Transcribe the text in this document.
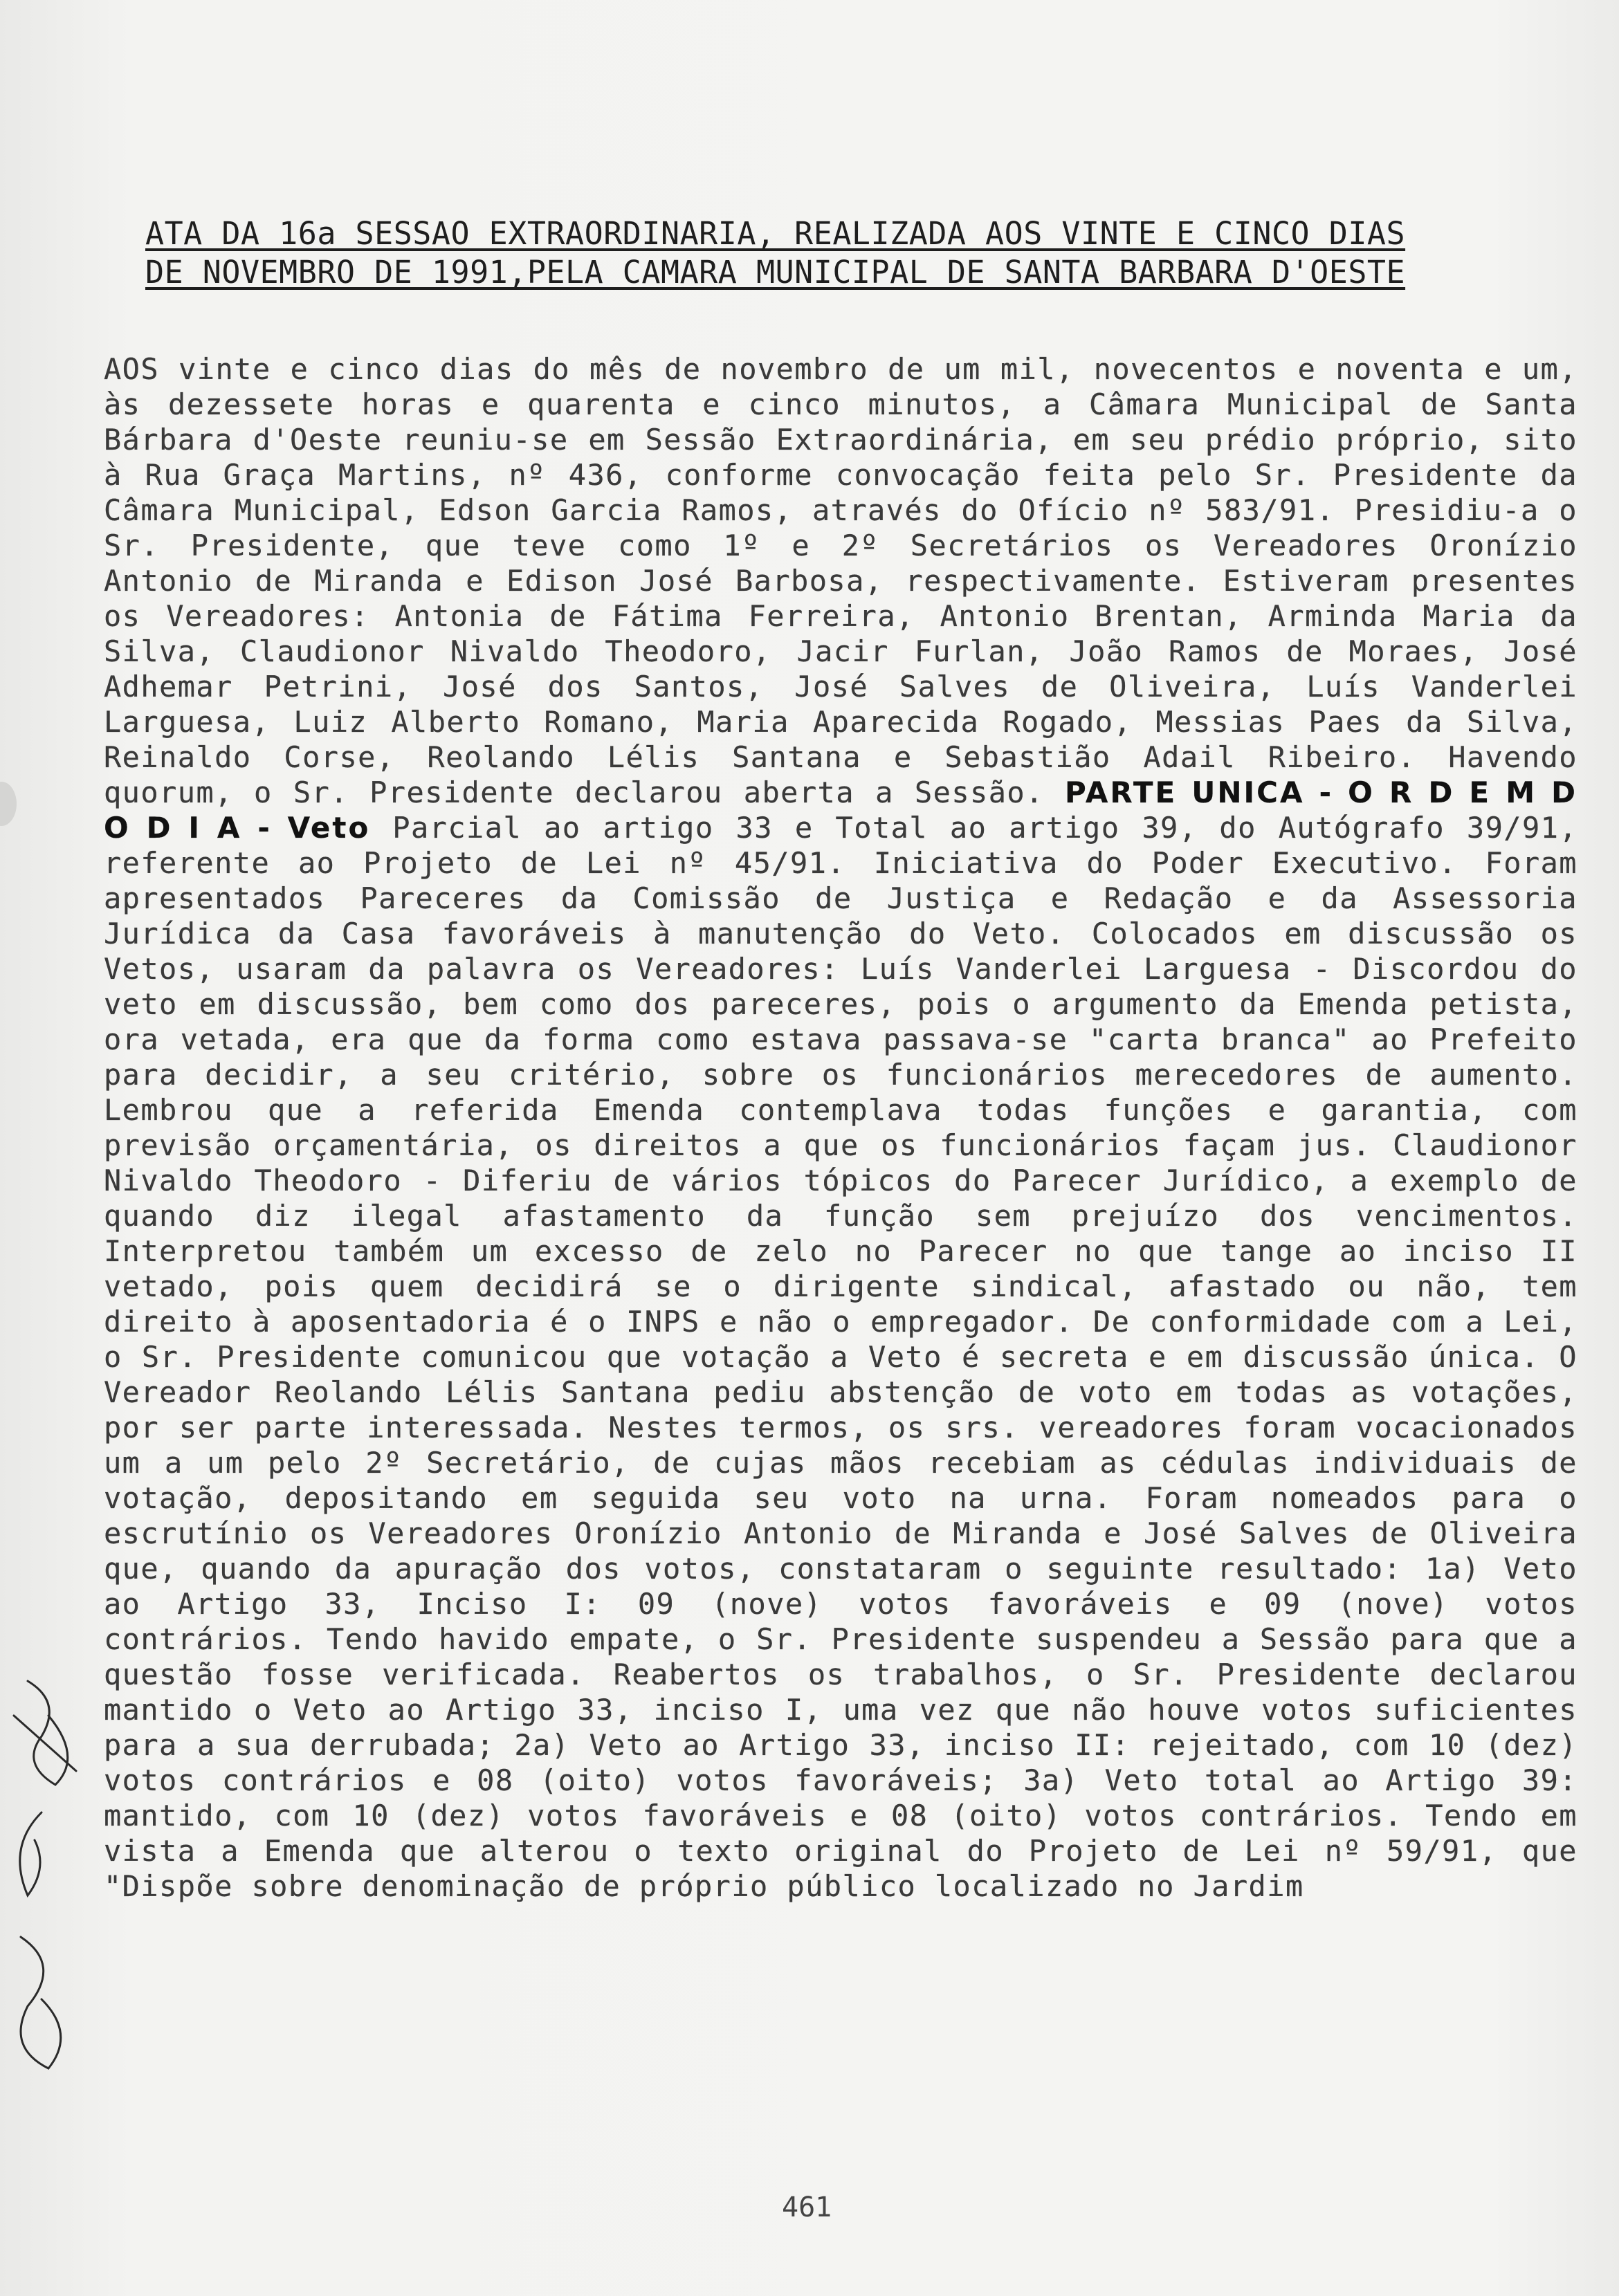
ATA DA 16a SESSAO EXTRAORDINARIA, REALIZADA AOS VINTE E CINCO DIAS
DE NOVEMBRO DE 1991,PELA CAMARA MUNICIPAL DE SANTA BARBARA D'OESTE
AOS vinte e cinco dias do mês de novembro de um mil, novecentos e noventa e um, às dezessete horas e quarenta e cinco minutos, a Câmara Municipal de Santa Bárbara d'Oeste reuniu-se em Sessão Extraordinária, em seu prédio próprio, sito à Rua Graça Martins, nº 436, conforme convocação feita pelo Sr. Presidente da Câmara Municipal, Edson Garcia Ramos, através do Ofício nº 583/91. Presidiu-a o Sr. Presidente, que teve como 1º e 2º Secretários os Vereadores Oronízio Antonio de Miranda e Edison José Barbosa, respectivamente. Estiveram presentes os Vereadores: Antonia de Fátima Ferreira, Antonio Brentan, Arminda Maria da Silva, Claudionor Nivaldo Theodoro, Jacir Furlan, João Ramos de Moraes, José Adhemar Petrini, José dos Santos, José Salves de Oliveira, Luís Vanderlei Larguesa, Luiz Alberto Romano, Maria Aparecida Rogado, Messias Paes da Silva, Reinaldo Corse, Reolando Lélis Santana e Sebastião Adail Ribeiro. Havendo quorum, o Sr. Presidente declarou aberta a Sessão. PARTE UNICA - O R D E M D O D I A - Veto Parcial ao artigo 33 e Total ao artigo 39, do Autógrafo 39/91, referente ao Projeto de Lei nº 45/91. Iniciativa do Poder Executivo. Foram apresentados Pareceres da Comissão de Justiça e Redação e da Assessoria Jurídica da Casa favoráveis à manutenção do Veto. Colocados em discussão os Vetos, usaram da palavra os Vereadores: Luís Vanderlei Larguesa - Discordou do veto em discussão, bem como dos pareceres, pois o argumento da Emenda petista, ora vetada, era que da forma como estava passava-se "carta branca" ao Prefeito para decidir, a seu critério, sobre os funcionários merecedores de aumento. Lembrou que a referida Emenda contemplava todas funções e garantia, com previsão orçamentária, os direitos a que os funcionários façam jus. Claudionor Nivaldo Theodoro - Diferiu de vários tópicos do Parecer Jurídico, a exemplo de quando diz ilegal afastamento da função sem prejuízo dos vencimentos. Interpretou também um excesso de zelo no Parecer no que tange ao inciso II vetado, pois quem decidirá se o dirigente sindical, afastado ou não, tem direito à aposentadoria é o INPS e não o empregador. De conformidade com a Lei, o Sr. Presidente comunicou que votação a Veto é secreta e em discussão única. O Vereador Reolando Lélis Santana pediu abstenção de voto em todas as votações, por ser parte interessada. Nestes termos, os srs. vereadores foram vocacionados um a um pelo 2º Secretário, de cujas mãos recebiam as cédulas individuais de votação, depositando em seguida seu voto na urna. Foram nomeados para o escrutínio os Vereadores Oronízio Antonio de Miranda e José Salves de Oliveira que, quando da apuração dos votos, constataram o seguinte resultado: 1a) Veto ao Artigo 33, Inciso I: 09 (nove) votos favoráveis e 09 (nove) votos contrários. Tendo havido empate, o Sr. Presidente suspendeu a Sessão para que a questão fosse verificada. Reabertos os trabalhos, o Sr. Presidente declarou mantido o Veto ao Artigo 33, inciso I, uma vez que não houve votos suficientes para a sua derrubada; 2a) Veto ao Artigo 33, inciso II: rejeitado, com 10 (dez) votos contrários e 08 (oito) votos favoráveis; 3a) Veto total ao Artigo 39: mantido, com 10 (dez) votos favoráveis e 08 (oito) votos contrários. Tendo em vista a Emenda que alterou o texto original do Projeto de Lei nº 59/91, que "Dispõe sobre denominação de próprio público localizado no Jardim
461
